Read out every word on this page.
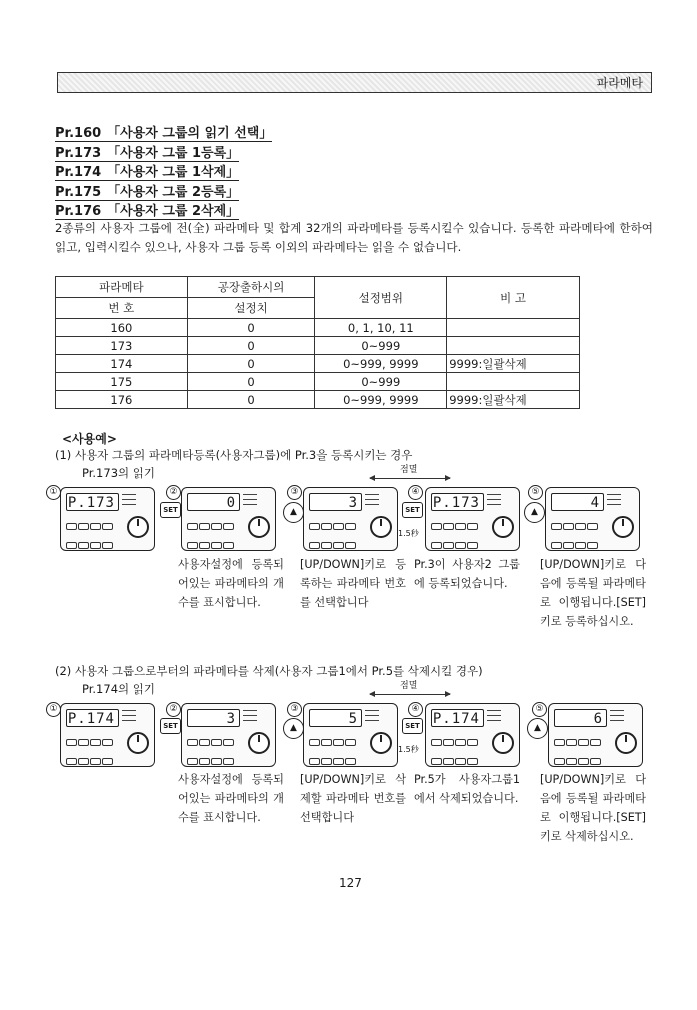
파라메타
Pr.160 「사용자 그룹의 읽기 선택」
Pr.173 「사용자 그룹 1등록」
Pr.174 「사용자 그룹 1삭제」
Pr.175 「사용자 그룹 2등록」
Pr.176 「사용자 그룹 2삭제」
2종류의 사용자 그룹에 전(全) 파라메타 및 합계 32개의 파라메타를 등록시킬수 있습니다. 등록한 파라메타에 한하여 읽고, 입력시킬수 있으나, 사용자 그룹 등록 이외의 파라메타는 읽을 수 없습니다.
파라메타	공장출하시의	설정범위	비 고
번 호	설정치		
160	0	0, 1, 10, 11	
173	0	0~999	
174	0	0~999, 9999	9999:일괄삭제
175	0	0~999	
176	0	0~999, 9999	9999:일괄삭제
<사용예>
(1) 사용자 그룹의 파라메타등록(사용자그룹)에 Pr.3을 등록시키는 경우
Pr.173의 읽기	점멸
①
P.173
②
SET	0
③
▲
3
④
SET
1.5秒
P.173
⑤
▲
4
사용자설정에 등록되어있는 파라메타의 개수를 표시합니다.
[UP/DOWN]키로 등록하는 파라메타 번호를 선택합니다
Pr.3이 사용자2 그룹에 등록되었습니다.
[UP/DOWN]키로 다음에 등록될 파라메타로 이행됩니다.[SET]키로 등록하십시오.
(2) 사용자 그룹으로부터의 파라메타를 삭제(사용자 그룹1에서 Pr.5를 삭제시킬 경우)
Pr.174의 읽기	점멸
①
P.174
②
SET	3
③
▲
5
④
SET
1.5秒
P.174
⑤
▲
6
사용자설정에 등록되어있는 파라메타의 개수를 표시합니다.
[UP/DOWN]키로 삭제할 파라메타 번호를 선택합니다
Pr.5가 사용자그룹1에서 삭제되었습니다.
[UP/DOWN]키로 다음에 등록될 파라메타로 이행됩니다.[SET]키로 삭제하십시오.
127
